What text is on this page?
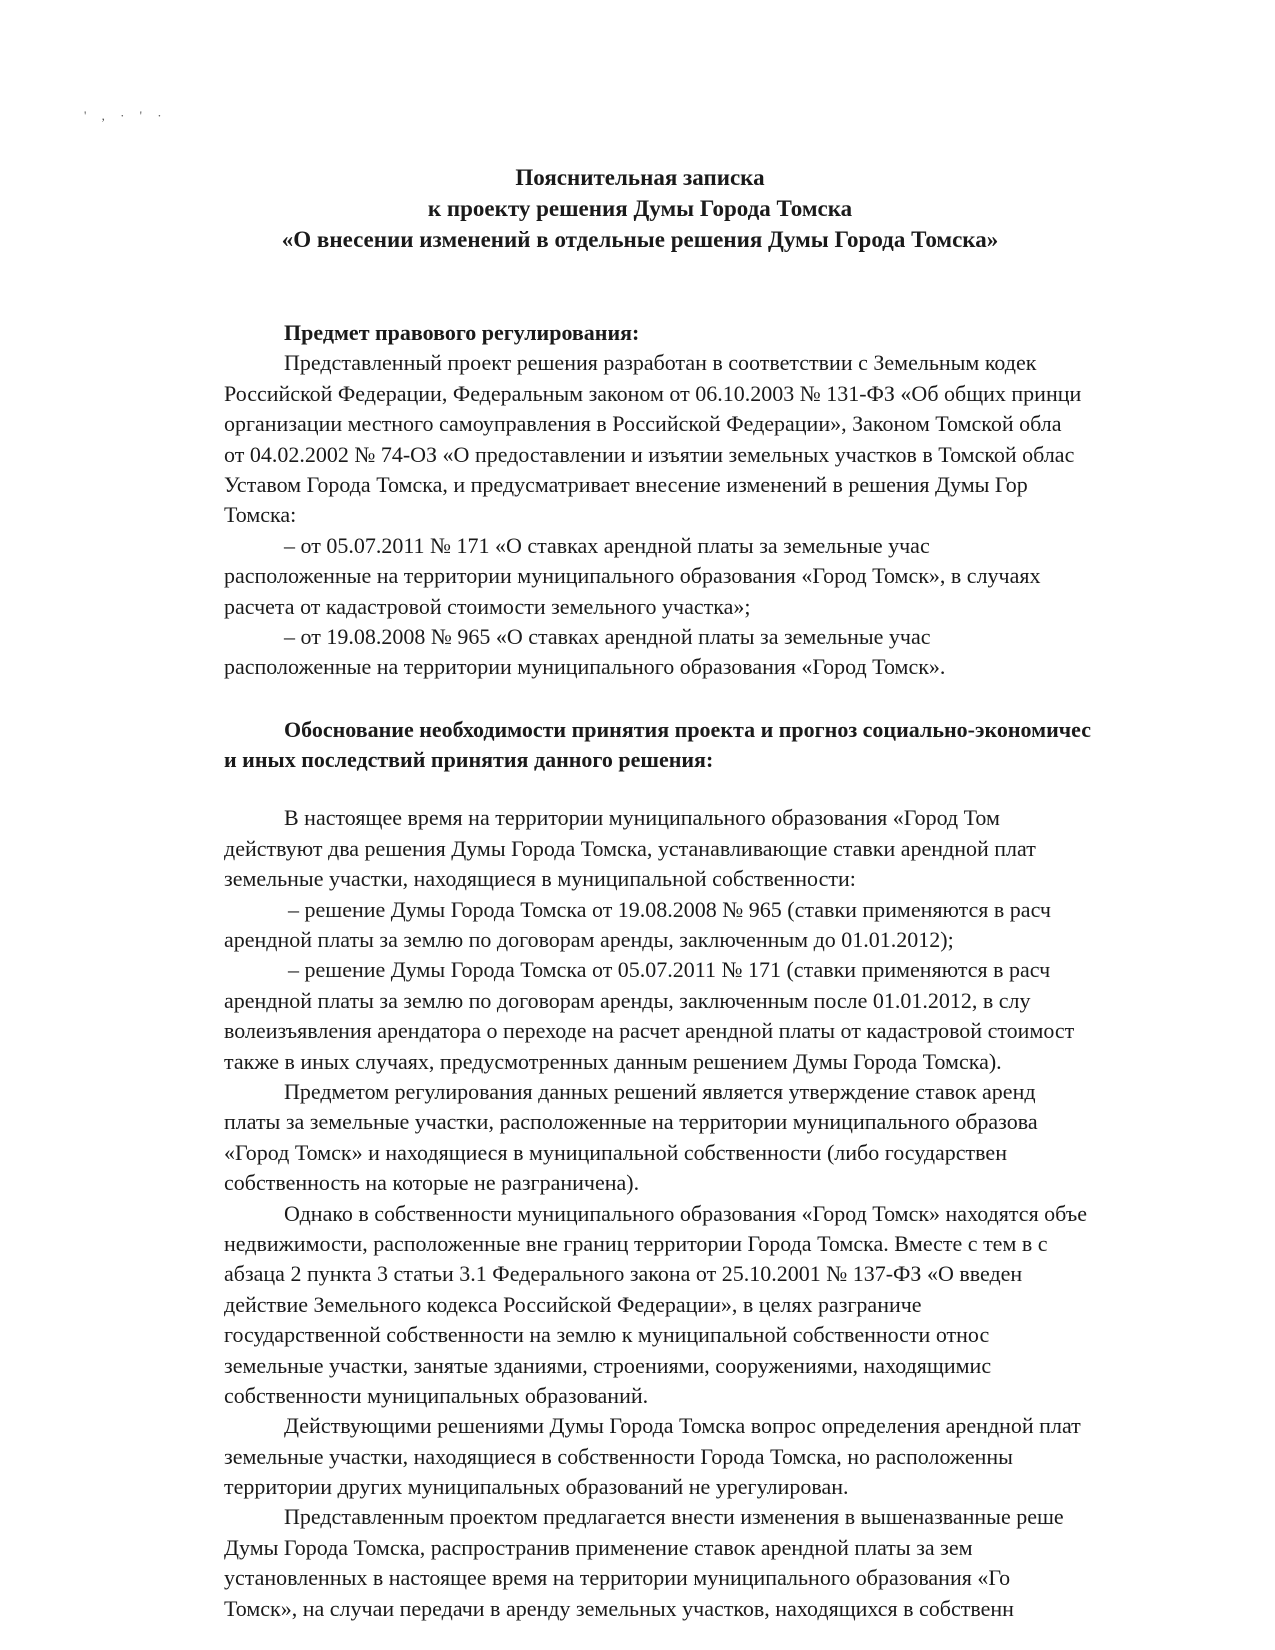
' , · ' ·
Пояснительная записка
к проекту решения Думы Города Томска
«О внесении изменений в отдельные решения Думы Города Томска»
Предмет правового регулирования:
Представленный проект решения разработан в соответствии с Земельным кодек
Российской Федерации, Федеральным законом от 06.10.2003 № 131-ФЗ «Об общих принци
организации местного самоуправления в Российской Федерации», Законом Томской обла
от 04.02.2002 № 74-ОЗ «О предоставлении и изъятии земельных участков в Томской облас
Уставом Города Томска, и предусматривает внесение изменений в решения Думы Гор
Томска:
– от 05.07.2011 № 171 «О ставках арендной платы за земельные учас
расположенные на территории муниципального образования «Город Томск», в случаях
расчета от кадастровой стоимости земельного участка»;
– от 19.08.2008 № 965 «О ставках арендной платы за земельные учас
расположенные на территории муниципального образования «Город Томск».
Обоснование необходимости принятия проекта и прогноз социально-экономичес
и иных последствий принятия данного решения:
В настоящее время на территории муниципального образования «Город Том
действуют два решения Думы Города Томска, устанавливающие ставки арендной плат
земельные участки, находящиеся в муниципальной собственности:
– решение Думы Города Томска от 19.08.2008 № 965 (ставки применяются в расч
арендной платы за землю по договорам аренды, заключенным до 01.01.2012);
– решение Думы Города Томска от 05.07.2011 № 171 (ставки применяются в расч
арендной платы за землю по договорам аренды, заключенным после 01.01.2012, в слу
волеизъявления арендатора о переходе на расчет арендной платы от кадастровой стоимост
также в иных случаях, предусмотренных данным решением Думы Города Томска).
Предметом регулирования данных решений является утверждение ставок аренд
платы за земельные участки, расположенные на территории муниципального образова
«Город Томск» и находящиеся в муниципальной собственности (либо государствен
собственность на которые не разграничена).
Однако в собственности муниципального образования «Город Томск» находятся объе
недвижимости, расположенные вне границ территории Города Томска. Вместе с тем в с
абзаца 2 пункта 3 статьи 3.1 Федерального закона от 25.10.2001 № 137-ФЗ «О введен
действие Земельного кодекса Российской Федерации», в целях разграниче
государственной собственности на землю к муниципальной собственности относ
земельные участки, занятые зданиями, строениями, сооружениями, находящимис
собственности муниципальных образований.
Действующими решениями Думы Города Томска вопрос определения арендной плат
земельные участки, находящиеся в собственности Города Томска, но расположенны
территории других муниципальных образований не урегулирован.
Представленным проектом предлагается внести изменения в вышеназванные реше
Думы Города Томска, распространив применение ставок арендной платы за зем
установленных в настоящее время на территории муниципального образования «Го
Томск», на случаи передачи в аренду земельных участков, находящихся в собственн
